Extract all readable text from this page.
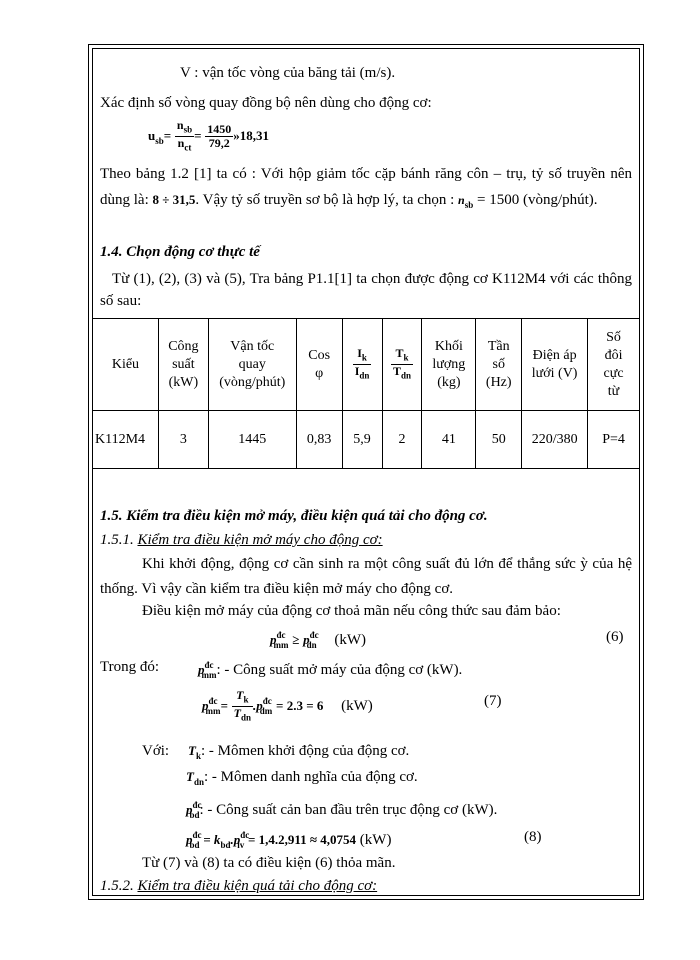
V : vận tốc vòng của băng tải (m/s).
Xác định số vòng quay đồng bộ nên dùng cho động cơ:
$u_{sb}= \frac{n_{sb}}{n_{ct}} = \frac{1450}{79,2}$ »18,31
Theo bảng 1.2 [1] ta có : Với hộp giảm tốc cặp bánh răng côn – trụ, tỷ số truyền nên dùng là: 8 ÷ 31,5. Vậy tỷ số truyền sơ bộ là hợp lý, ta chọn : $n_{sb} = 1500$ (vòng/phút).
1.4. Chọn động cơ thực tế
Từ (1), (2), (3) và (5), Tra bảng P1.1[1] ta chọn được động cơ K112M4 với các thông số sau:
Kiểu	Công
suất
(kW)	Vận tốc
quay
(vòng/phút)	Cos
φ	$\frac{I_k}{I_{dn}}$	$\frac{T_k}{T_{dn}}$	Khối
lượng
(kg)	Tần
số
(Hz)	Điện áp
lưới (V)	Số
đôi
cực
từ
K112M4	3	1445	0,83	5,9	2	41	50	220/380	P=4
1.5. Kiểm tra điều kiện mở máy, điều kiện quá tải cho động cơ.
1.5.1. Kiểm tra điều kiện mở máy cho động cơ:
Khi khởi động, động cơ cần sinh ra một công suất đủ lớn để thắng sức ỳ của hệ thống. Vì vậy cần kiểm tra điều kiện mở máy cho động cơ.
Điều kiện mở máy của động cơ thoả mãn nếu công thức sau đảm bảo:
$p^{đc}_{mm} \ge p^{đc}_{dn}$ (kW)	(6)
Trong đó:	$p^{đc}_{mm}$: - Công suất mở máy của động cơ (kW).
$p^{đc}_{mm}= \frac{T_k}{T_{dn}} .p^{đc}_{dm} = 2.3 = 6$ (kW)	(7)
Với: $T_k$: - Mômen khởi động của động cơ.
$T_{dn}$: - Mômen danh nghĩa của động cơ.
$p^{đc}_{bd}$: - Công suất cản ban đầu trên trục động cơ (kW).
$p^{đc}_{bd} = k_{bd}.p^{đc}_{lv} = 1,4.2,911 \approx 4,0754$ (kW)	(8)
Từ (7) và (8) ta có điều kiện (6) thỏa mãn.
1.5.2. Kiểm tra điều kiện quá tải cho động cơ:
